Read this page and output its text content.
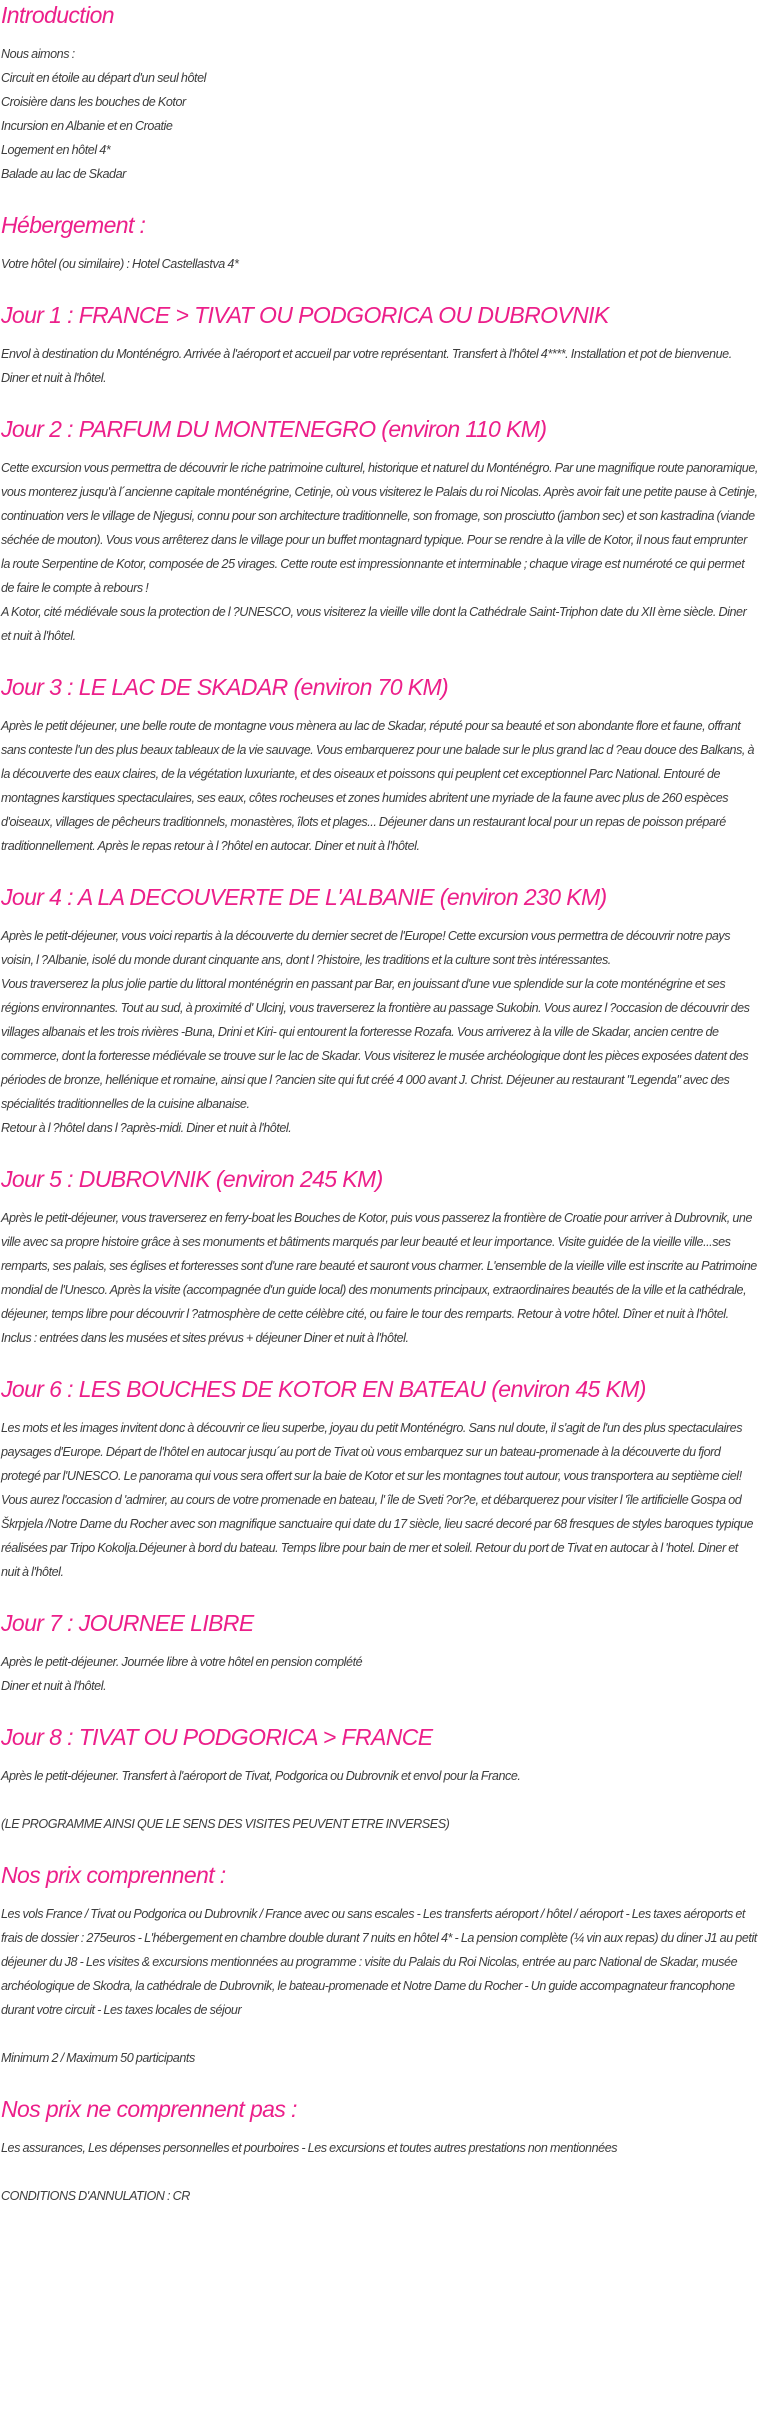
Introduction

Nous aimons :
Circuit en étoile au départ d'un seul hôtel
Croisière dans les bouches de Kotor
Incursion en Albanie et en Croatie
Logement en hôtel 4*
Balade au lac de Skadar

Hébergement :

Votre hôtel (ou similaire) : Hotel Castellastva 4*

Jour 1 : FRANCE > TIVAT OU PODGORICA OU DUBROVNIK

Envol à destination du Monténégro. Arrivée à l'aéroport et accueil par votre représentant. Transfert à l'hôtel 4****. Installation et pot de bienvenue. Diner et nuit à l'hôtel.

Jour 2 : PARFUM DU MONTENEGRO (environ 110 KM)

Cette excursion vous permettra de découvrir le riche patrimoine culturel, historique et naturel du Monténégro. Par une magnifique route panoramique, vous monterez jusqu'à l´ancienne capitale monténégrine, Cetinje, où vous visiterez le Palais du roi Nicolas. Après avoir fait une petite pause à Cetinje, continuation vers le village de Njegusi, connu pour son architecture traditionnelle, son fromage, son prosciutto (jambon sec) et son kastradina (viande séchée de mouton). Vous vous arrêterez dans le village pour un buffet montagnard typique. Pour se rendre à la ville de Kotor, il nous faut emprunter la route Serpentine de Kotor, composée de 25 virages. Cette route est impressionnante et interminable ; chaque virage est numéroté ce qui permet de faire le compte à rebours !

A Kotor, cité médiévale sous la protection de l ?UNESCO, vous visiterez la vieille ville dont la Cathédrale Saint-Triphon date du XII ème siècle. Diner et nuit à l'hôtel.

Jour 3 : LE LAC DE SKADAR (environ 70 KM)

Après le petit déjeuner, une belle route de montagne vous mènera au lac de Skadar, réputé pour sa beauté et son abondante flore et faune, offrant sans conteste l'un des plus beaux tableaux de la vie sauvage. Vous embarquerez pour une balade sur le plus grand lac d ?eau douce des Balkans, à la découverte des eaux claires, de la végétation luxuriante, et des oiseaux et poissons qui peuplent cet exceptionnel Parc National. Entouré de montagnes karstiques spectaculaires, ses eaux, côtes rocheuses et zones humides abritent une myriade de la faune avec plus de 260 espèces d'oiseaux, villages de pêcheurs traditionnels, monastères, îlots et plages... Déjeuner dans un restaurant local pour un repas de poisson préparé traditionnellement. Après le repas retour à l ?hôtel en autocar. Diner et nuit à l'hôtel.

Jour 4 : A LA DECOUVERTE DE L'ALBANIE (environ 230 KM)

Après le petit-déjeuner, vous voici repartis à la découverte du dernier secret de l'Europe! Cette excursion vous permettra de découvrir notre pays voisin, l ?Albanie, isolé du monde durant cinquante ans, dont l ?histoire, les traditions et la culture sont très intéressantes.

Vous traverserez la plus jolie partie du littoral monténégrin en passant par Bar, en jouissant d'une vue splendide sur la cote monténégrine et ses régions environnantes. Tout au sud, à proximité d' Ulcinj, vous traverserez la frontière au passage Sukobin. Vous aurez l ?occasion de découvrir des villages albanais et les trois rivières -Buna, Drini et Kiri- qui entourent la forteresse Rozafa. Vous arriverez à la ville de Skadar, ancien centre de commerce, dont la forteresse médiévale se trouve sur le lac de Skadar. Vous visiterez le musée archéologique dont les pièces exposées datent des périodes de bronze, hellénique et romaine, ainsi que l ?ancien site qui fut créé 4 000 avant J. Christ. Déjeuner au restaurant "Legenda" avec des spécialités traditionnelles de la cuisine albanaise.

Retour à l ?hôtel dans l ?après-midi. Diner et nuit à l'hôtel.

Jour 5 : DUBROVNIK (environ 245 KM)

Après le petit-déjeuner, vous traverserez en ferry-boat les Bouches de Kotor, puis vous passerez la frontière de Croatie pour arriver à Dubrovnik, une ville avec sa propre histoire grâce à ses monuments et bâtiments marqués par leur beauté et leur importance. Visite guidée de la vieille ville...ses remparts, ses palais, ses églises et forteresses sont d'une rare beauté et sauront vous charmer. L'ensemble de la vieille ville est inscrite au Patrimoine mondial de l'Unesco. Après la visite (accompagnée d'un guide local) des monuments principaux, extraordinaires beautés de la ville et la cathédrale, déjeuner, temps libre pour découvrir l ?atmosphère de cette célèbre cité, ou faire le tour des remparts. Retour à votre hôtel. Dîner et nuit à l'hôtel. Inclus : entrées dans les musées et sites prévus + déjeuner Diner et nuit à l'hôtel.

Jour 6 : LES BOUCHES DE KOTOR EN BATEAU (environ 45 KM)

Les mots et les images invitent donc à découvrir ce lieu superbe, joyau du petit Monténégro. Sans nul doute, il s'agit de l'un des plus spectaculaires paysages d'Europe. Départ de l'hôtel en autocar jusqu´au port de Tivat où vous embarquez sur un bateau-promenade à la découverte du fjord protegé par l'UNESCO. Le panorama qui vous sera offert sur la baie de Kotor et sur les montagnes tout autour, vous transportera au septième ciel! Vous aurez l'occasion d 'admirer, au cours de votre promenade en bateau, l' île de Sveti ?or?e, et débarquerez pour visiter l 'île artificielle Gospa od Škrpjela /Notre Dame du Rocher avec son magnifique sanctuaire qui date du 17 siècle, lieu sacré decoré par 68 fresques de styles baroques typique réalisées par Tripo Kokolja.Déjeuner à bord du bateau. Temps libre pour bain de mer et soleil. Retour du port de Tivat en autocar à l 'hotel. Diner et nuit à l'hôtel.

Jour 7 : JOURNEE LIBRE

Après le petit-déjeuner. Journée libre à votre hôtel en pension complété

Diner et nuit à l'hôtel.

Jour 8 : TIVAT OU PODGORICA > FRANCE

Après le petit-déjeuner. Transfert à l'aéroport de Tivat, Podgorica ou Dubrovnik et envol pour la France.

(LE PROGRAMME AINSI QUE LE SENS DES VISITES PEUVENT ETRE INVERSES)

Nos prix comprennent :

Les vols France / Tivat ou Podgorica ou Dubrovnik / France avec ou sans escales - Les transferts aéroport / hôtel / aéroport - Les taxes aéroports et frais de dossier : 275euros - L'hébergement en chambre double durant 7 nuits en hôtel 4* - La pension complète (¼ vin aux repas) du diner J1 au petit déjeuner du J8 - Les visites & excursions mentionnées au programme : visite du Palais du Roi Nicolas, entrée au parc National de Skadar, musée archéologique de Skodra, la cathédrale de Dubrovnik, le bateau-promenade et Notre Dame du Rocher - Un guide accompagnateur francophone durant votre circuit - Les taxes locales de séjour

Minimum 2 / Maximum 50 participants

Nos prix ne comprennent pas :

Les assurances, Les dépenses personnelles et pourboires - Les excursions et toutes autres prestations non mentionnées

CONDITIONS D'ANNULATION : CR
